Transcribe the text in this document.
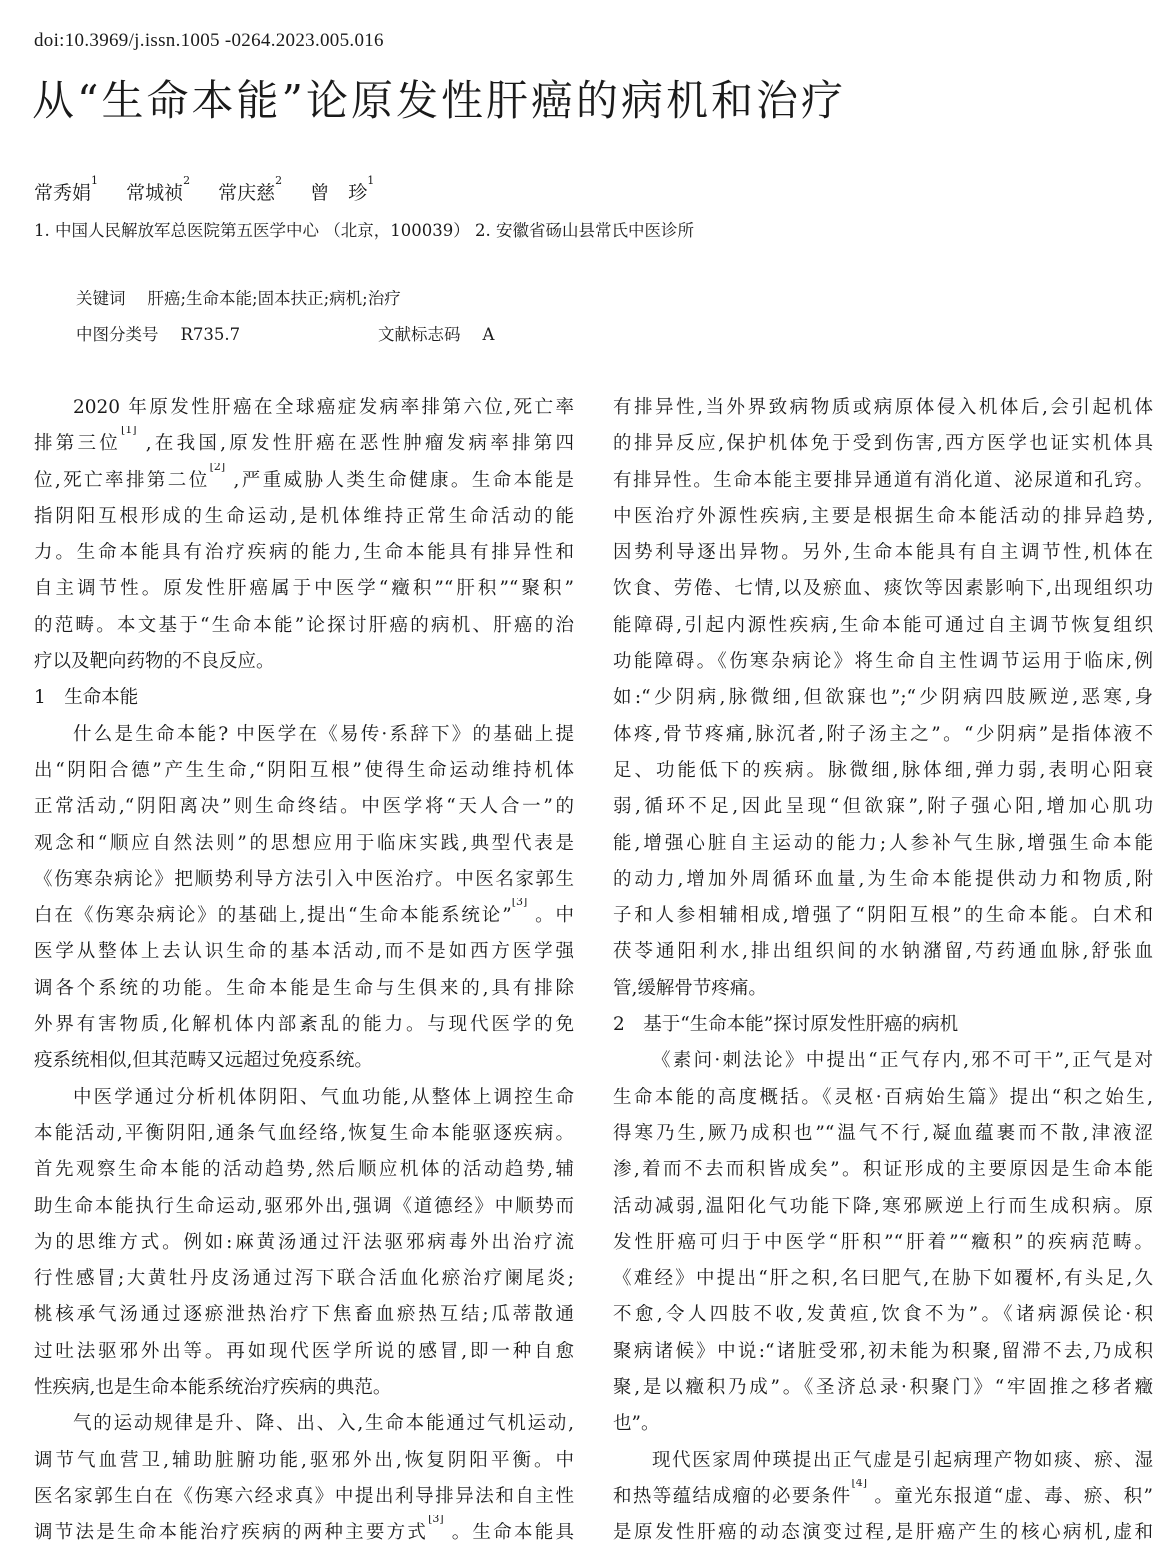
doi:10.3969/j.issn.1005 -0264.2023.005.016
从“生命本能”论原发性肝癌的病机和治疗
常秀娟$^1$ 常城祯$^2$ 常庆慈$^2$ 曾　珍$^1$
1. 中国人民解放军总医院第五医学中心 （北京，100039） 2. 安徽省砀山县常氏中医诊所
关键词 肝癌;生命本能;固本扶正;病机;治疗
中图分类号 R735.7	文献标志码 A
2020 年原发性肝癌在全球癌症发病率排第六位,死亡率
排第三位[1] ,在我国,原发性肝癌在恶性肿瘤发病率排第四
位,死亡率排第二位[2] ,严重威胁人类生命健康。生命本能是
指阴阳互根形成的生命运动,是机体维持正常生命活动的能
力。生命本能具有治疗疾病的能力,生命本能具有排异性和
自主调节性。原发性肝癌属于中医学“癥积”“肝积”“聚积”
的范畴。本文基于“生命本能”论探讨肝癌的病机、肝癌的治
疗以及靶向药物的不良反应。
1　生命本能
什么是生命本能? 中医学在《易传·系辞下》的基础上提
出“阴阳合德”产生生命,“阴阳互根”使得生命运动维持机体
正常活动,“阴阳离决”则生命终结。中医学将“天人合一”的
观念和“顺应自然法则”的思想应用于临床实践,典型代表是
《伤寒杂病论》把顺势利导方法引入中医治疗。中医名家郭生
白在《伤寒杂病论》的基础上,提出“生命本能系统论”[3] 。中
医学从整体上去认识生命的基本活动,而不是如西方医学强
调各个系统的功能。生命本能是生命与生俱来的,具有排除
外界有害物质,化解机体内部紊乱的能力。与现代医学的免
疫系统相似,但其范畴又远超过免疫系统。
中医学通过分析机体阴阳、气血功能,从整体上调控生命
本能活动,平衡阴阳,通条气血经络,恢复生命本能驱逐疾病。
首先观察生命本能的活动趋势,然后顺应机体的活动趋势,辅
助生命本能执行生命运动,驱邪外出,强调《道德经》中顺势而
为的思维方式。例如:麻黄汤通过汗法驱邪病毒外出治疗流
行性感冒;大黄牡丹皮汤通过泻下联合活血化瘀治疗阑尾炎;
桃核承气汤通过逐瘀泄热治疗下焦畜血瘀热互结;瓜蒂散通
过吐法驱邪外出等。再如现代医学所说的感冒,即一种自愈
性疾病,也是生命本能系统治疗疾病的典范。
气的运动规律是升、降、出、入,生命本能通过气机运动,
调节气血营卫,辅助脏腑功能,驱邪外出,恢复阴阳平衡。中
医名家郭生白在《伤寒六经求真》中提出利导排异法和自主性
调节法是生命本能治疗疾病的两种主要方式[3] 。生命本能具
有排异性,当外界致病物质或病原体侵入机体后,会引起机体
的排异反应,保护机体免于受到伤害,西方医学也证实机体具
有排异性。生命本能主要排异通道有消化道、泌尿道和孔窍。
中医治疗外源性疾病,主要是根据生命本能活动的排异趋势,
因势利导逐出异物。另外,生命本能具有自主调节性,机体在
饮食、劳倦、七情,以及瘀血、痰饮等因素影响下,出现组织功
能障碍,引起内源性疾病,生命本能可通过自主调节恢复组织
功能障碍。《伤寒杂病论》将生命自主性调节运用于临床,例
如:“少阴病,脉微细,但欲寐也”;“少阴病四肢厥逆,恶寒,身
体疼,骨节疼痛,脉沉者,附子汤主之”。“少阴病”是指体液不
足、功能低下的疾病。脉微细,脉体细,弹力弱,表明心阳衰
弱,循环不足,因此呈现“但欲寐”,附子强心阳,增加心肌功
能,增强心脏自主运动的能力;人参补气生脉,增强生命本能
的动力,增加外周循环血量,为生命本能提供动力和物质,附
子和人参相辅相成,增强了“阴阳互根”的生命本能。白术和
茯苓通阳利水,排出组织间的水钠潴留,芍药通血脉,舒张血
管,缓解骨节疼痛。
2　基于“生命本能”探讨原发性肝癌的病机
《素问·刺法论》中提出“正气存内,邪不可干”,正气是对
生命本能的高度概括。《灵枢·百病始生篇》提出“积之始生,
得寒乃生,厥乃成积也”“温气不行,凝血蕴裹而不散,津液涩
渗,着而不去而积皆成矣”。积证形成的主要原因是生命本能
活动减弱,温阳化气功能下降,寒邪厥逆上行而生成积病。原
发性肝癌可归于中医学“肝积”“肝着”“癥积”的疾病范畴。
《难经》中提出“肝之积,名曰肥气,在胁下如覆杯,有头足,久
不愈,令人四肢不收,发黄疸,饮食不为”。《诸病源侯论·积
聚病诸候》中说:“诸脏受邪,初未能为积聚,留滞不去,乃成积
聚,是以癥积乃成”。《圣济总录·积聚门》“牢固推之移者癥
也”。
现代医家周仲瑛提出正气虚是引起病理产物如痰、瘀、湿
和热等蕴结成瘤的必要条件[4] 。童光东报道“虚、毒、瘀、积”
是原发性肝癌的动态演变过程,是肝癌产生的核心病机,虚和
